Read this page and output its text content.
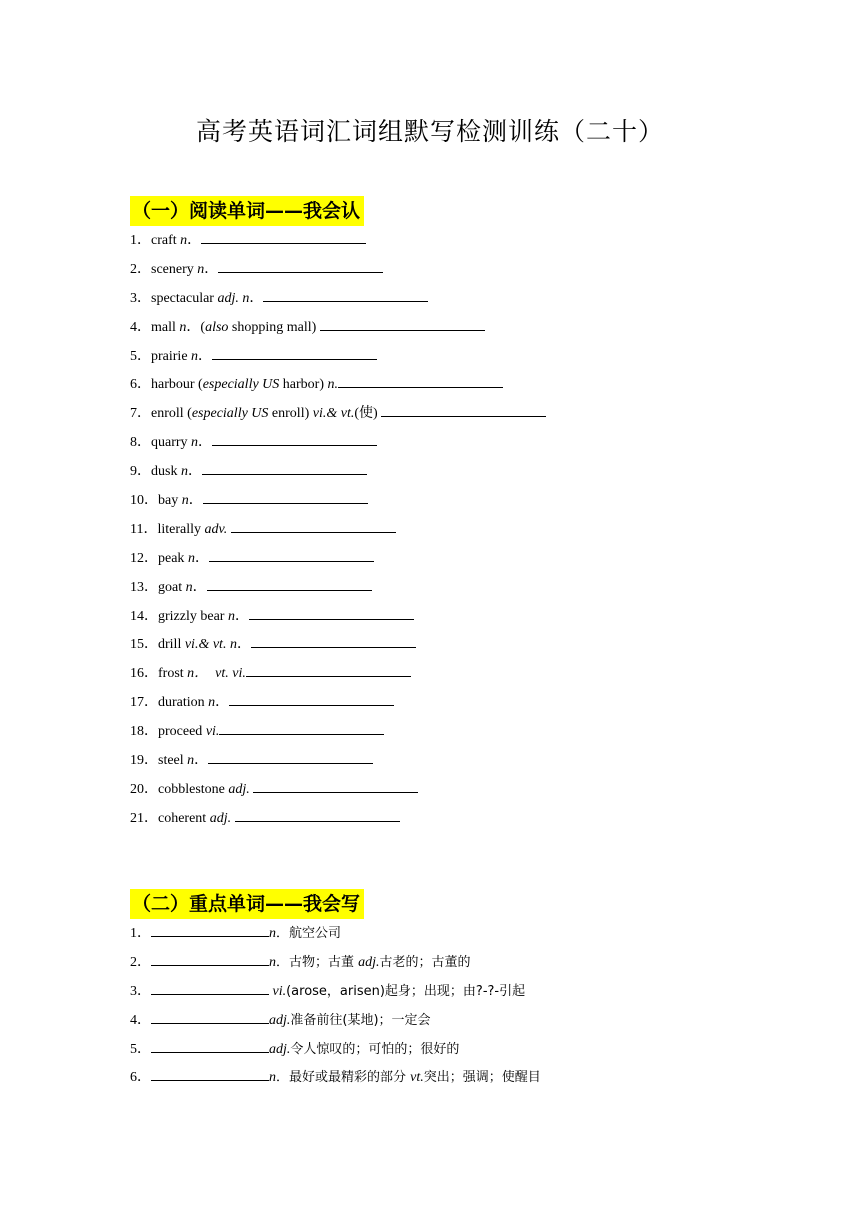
高考英语词汇词组默写检测训练（二十）
（一）阅读单词——我会认
1．craft n．
2．scenery n．
3．spectacular adj. n．
4．mall n．(also shopping mall)
5．prairie n．
6．harbour (especially US harbor) n.
7．enroll (especially US enroll) vi.& vt.(使)
8．quarry n．
9．dusk n．
10．bay n．
11．literally adv.
12．peak n．
13．goat n．
14．grizzly bear n．
15．drill vi.& vt. n．
16．frost n．　vt. vi.
17．duration n．
18．proceed vi.
19．steel n．
20．cobblestone adj.
21．coherent adj.
（二）重点单词——我会写
1．	n．航空公司
2．	n．古物；古董 adj.古老的；古董的
3．	vi.(arose，arisen)起身；出现；由?-?-引起
4．	adj.准备前往(某地)；一定会
5．	adj.令人惊叹的；可怕的；很好的
6．	n．最好或最精彩的部分 vt.突出；强调；使醒目
